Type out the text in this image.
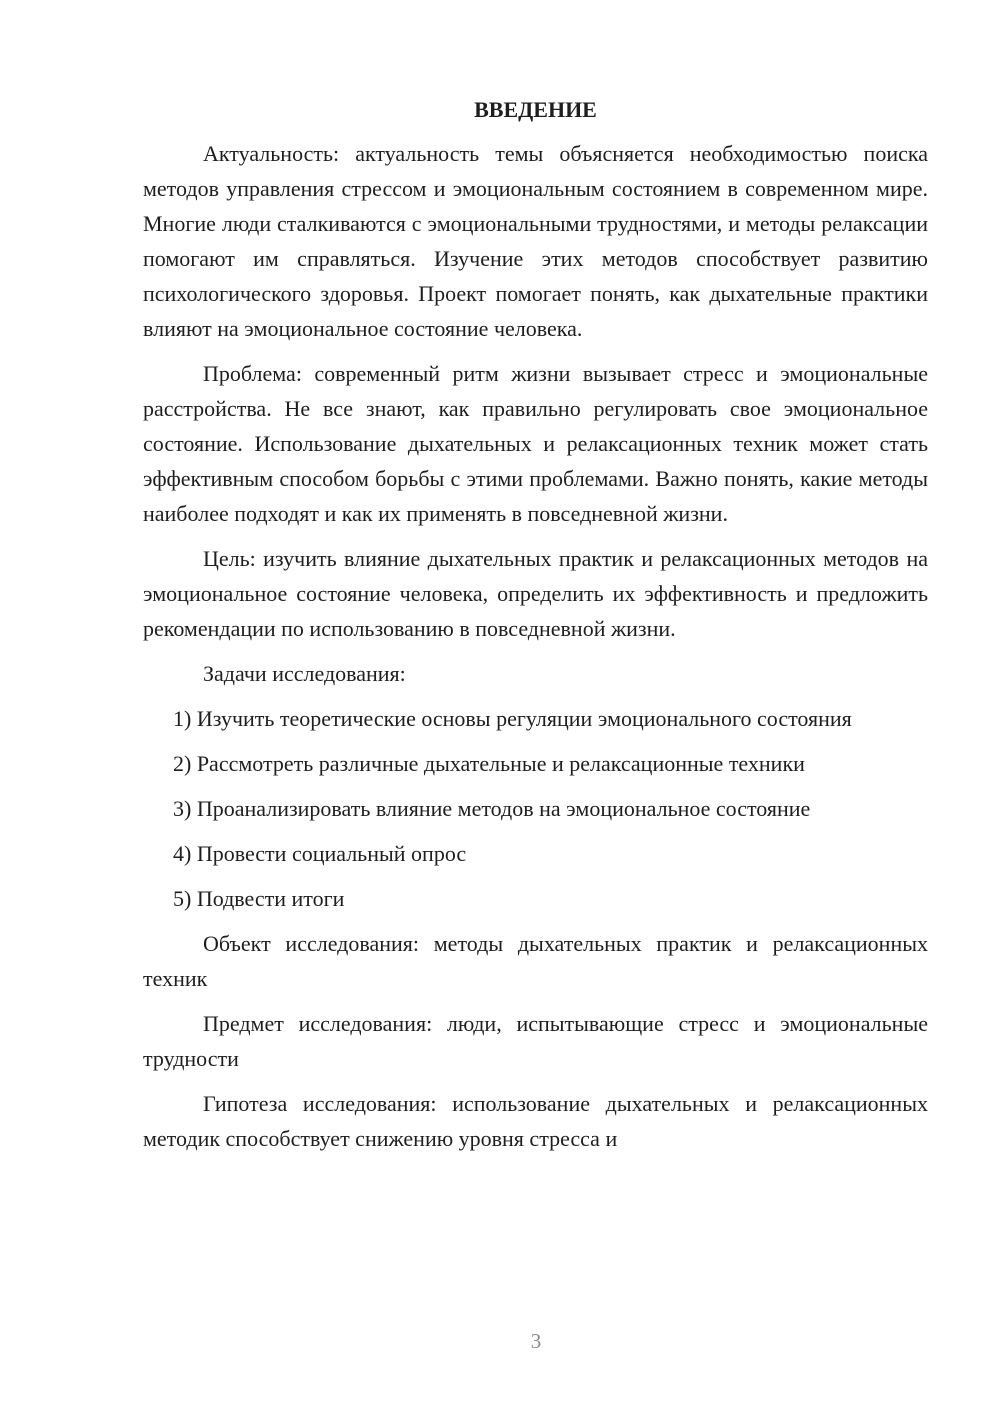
ВВЕДЕНИЕ

Актуальность: актуальность темы объясняется необходимостью поиска методов управления стрессом и эмоциональным состоянием в современном мире. Многие люди сталкиваются с эмоциональными трудностями, и методы релаксации помогают им справляться. Изучение этих методов способствует развитию психологического здоровья. Проект помогает понять, как дыхательные практики влияют на эмоциональное состояние человека.

Проблема: современный ритм жизни вызывает стресс и эмоциональные расстройства. Не все знают, как правильно регулировать свое эмоциональное состояние. Использование дыхательных и релаксационных техник может стать эффективным способом борьбы с этими проблемами. Важно понять, какие методы наиболее подходят и как их применять в повседневной жизни.

Цель: изучить влияние дыхательных практик и релаксационных методов на эмоциональное состояние человека, определить их эффективность и предложить рекомендации по использованию в повседневной жизни.

Задачи исследования:

1) Изучить теоретические основы регуляции эмоционального состояния
2) Рассмотреть различные дыхательные и релаксационные техники
3) Проанализировать влияние методов на эмоциональное состояние
4) Провести социальный опрос
5) Подвести итоги

Объект исследования: методы дыхательных практик и релаксационных техник

Предмет исследования: люди, испытывающие стресс и эмоциональные трудности

Гипотеза исследования: использование дыхательных и релаксационных методик способствует снижению уровня стресса и

3
